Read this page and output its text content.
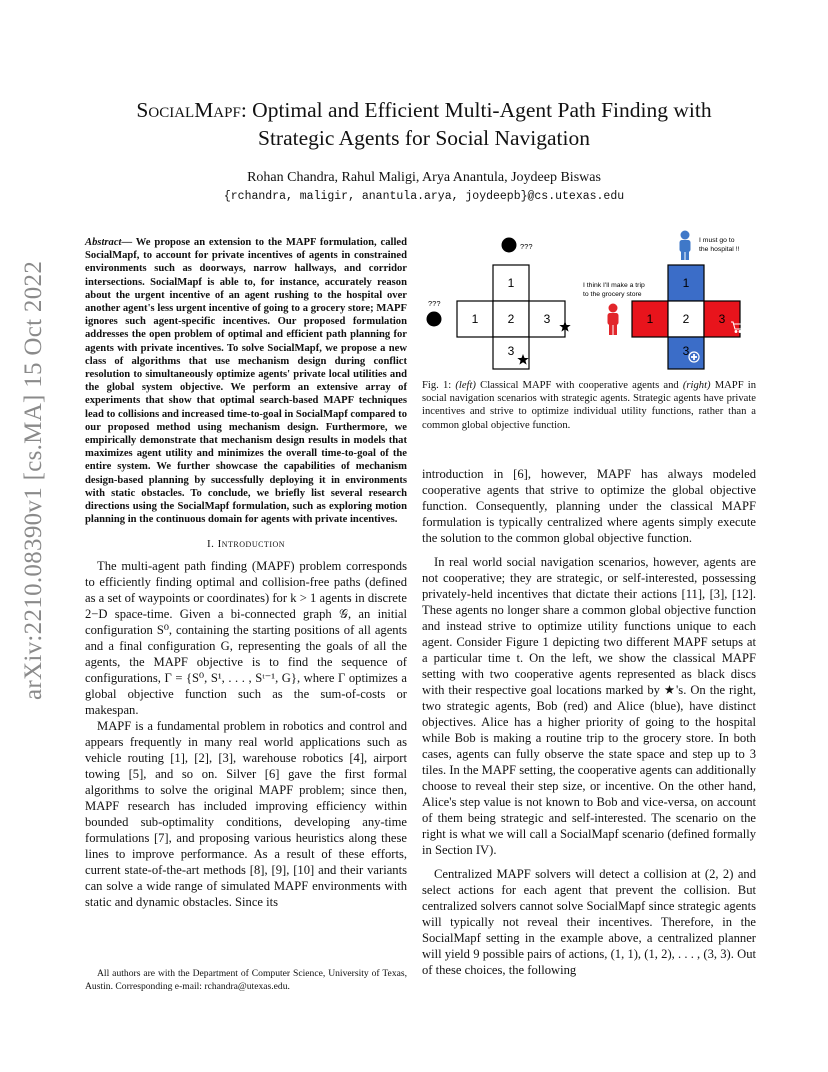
arXiv:2210.08390v1 [cs.MA] 15 Oct 2022
SocialMapf: Optimal and Efficient Multi-Agent Path Finding with
Strategic Agents for Social Navigation
Rohan Chandra, Rahul Maligi, Arya Anantula, Joydeep Biswas
{rchandra, maligir, anantula.arya, joydeepb}@cs.utexas.edu

Abstract— We propose an extension to the MAPF formulation, called SocialMapf, to account for private incentives of agents in constrained environments such as doorways, narrow hallways, and corridor intersections. SocialMapf is able to, for instance, accurately reason about the urgent incentive of an agent rushing to the hospital over another agent's less urgent incentive of going to a grocery store; MAPF ignores such agent-specific incentives. Our proposed formulation addresses the open problem of optimal and efficient path planning for agents with private incentives. To solve SocialMapf, we propose a new class of algorithms that use mechanism design during conflict resolution to simultaneously optimize agents' private local utilities and the global system objective. We perform an extensive array of experiments that show that optimal search-based MAPF techniques lead to collisions and increased time-to-goal in SocialMapf compared to our proposed method using mechanism design. Furthermore, we empirically demonstrate that mechanism design results in models that maximizes agent utility and minimizes the overall time-to-goal of the entire system. We further showcase the capabilities of mechanism design-based planning by successfully deploying it in environments with static obstacles. To conclude, we briefly list several research directions using the SocialMapf formulation, such as exploring motion planning in the continuous domain for agents with private incentives.

I. Introduction

The multi-agent path finding (MAPF) problem corresponds to efficiently finding optimal and collision-free paths (defined as a set of waypoints or coordinates) for k > 1 agents in discrete 2−D space-time. Given a bi-connected graph 𝒢, an initial configuration S⁰, containing the starting positions of all agents and a final configuration G, representing the goals of all the agents, the MAPF objective is to find the sequence of configurations, Γ = {S⁰, S¹, . . . , Sᵗ⁻¹, G}, where Γ optimizes a global objective function such as the sum-of-costs or makespan.

MAPF is a fundamental problem in robotics and control and appears frequently in many real world applications such as vehicle routing [1], [2], [3], warehouse robotics [4], airport towing [5], and so on. Silver [6] gave the first formal algorithms to solve the original MAPF problem; since then, MAPF research has included improving efficiency within bounded sub-optimality conditions, developing any-time formulations [7], and proposing various heuristics along these lines to improve performance. As a result of these efforts, current state-of-the-art methods [8], [9], [10] and their variants can solve a wide range of simulated MAPF environments with static and dynamic obstacles. Since its

All authors are with the Department of Computer Science, University of Texas, Austin. Corresponding e-mail: rchandra@utexas.edu.
???
???
1
1 2 3
3
I must go to
the hospital !!
I think I'll make a trip
to the grocery store
1
1 2 3
3
Fig. 1: (left) Classical MAPF with cooperative agents and (right) MAPF in social navigation scenarios with strategic agents. Strategic agents have private incentives and strive to optimize individual utility functions, rather than a common global objective function.

introduction in [6], however, MAPF has always modeled cooperative agents that strive to optimize the global objective function. Consequently, planning under the classical MAPF formulation is typically centralized where agents simply execute the solution to the common global objective function.

In real world social navigation scenarios, however, agents are not cooperative; they are strategic, or self-interested, possessing privately-held incentives that dictate their actions [11], [3], [12]. These agents no longer share a common global objective function and instead strive to optimize utility functions unique to each agent. Consider Figure 1 depicting two different MAPF setups at a particular time t. On the left, we show the classical MAPF setting with two cooperative agents represented as black discs with their respective goal locations marked by ★'s. On the right, two strategic agents, Bob (red) and Alice (blue), have distinct objectives. Alice has a higher priority of going to the hospital while Bob is making a routine trip to the grocery store. In both cases, agents can fully observe the state space and step up to 3 tiles. In the MAPF setting, the cooperative agents can additionally choose to reveal their step size, or incentive. On the other hand, Alice's step value is not known to Bob and vice-versa, on account of them being strategic and self-interested. The scenario on the right is what we will call a SocialMapf scenario (defined formally in Section IV).

Centralized MAPF solvers will detect a collision at (2, 2) and select actions for each agent that prevent the collision. But centralized solvers cannot solve SocialMapf since strategic agents will typically not reveal their incentives. Therefore, in the SocialMapf setting in the example above, a centralized planner will yield 9 possible pairs of actions, (1, 1), (1, 2), . . . , (3, 3). Out of these choices, the following
